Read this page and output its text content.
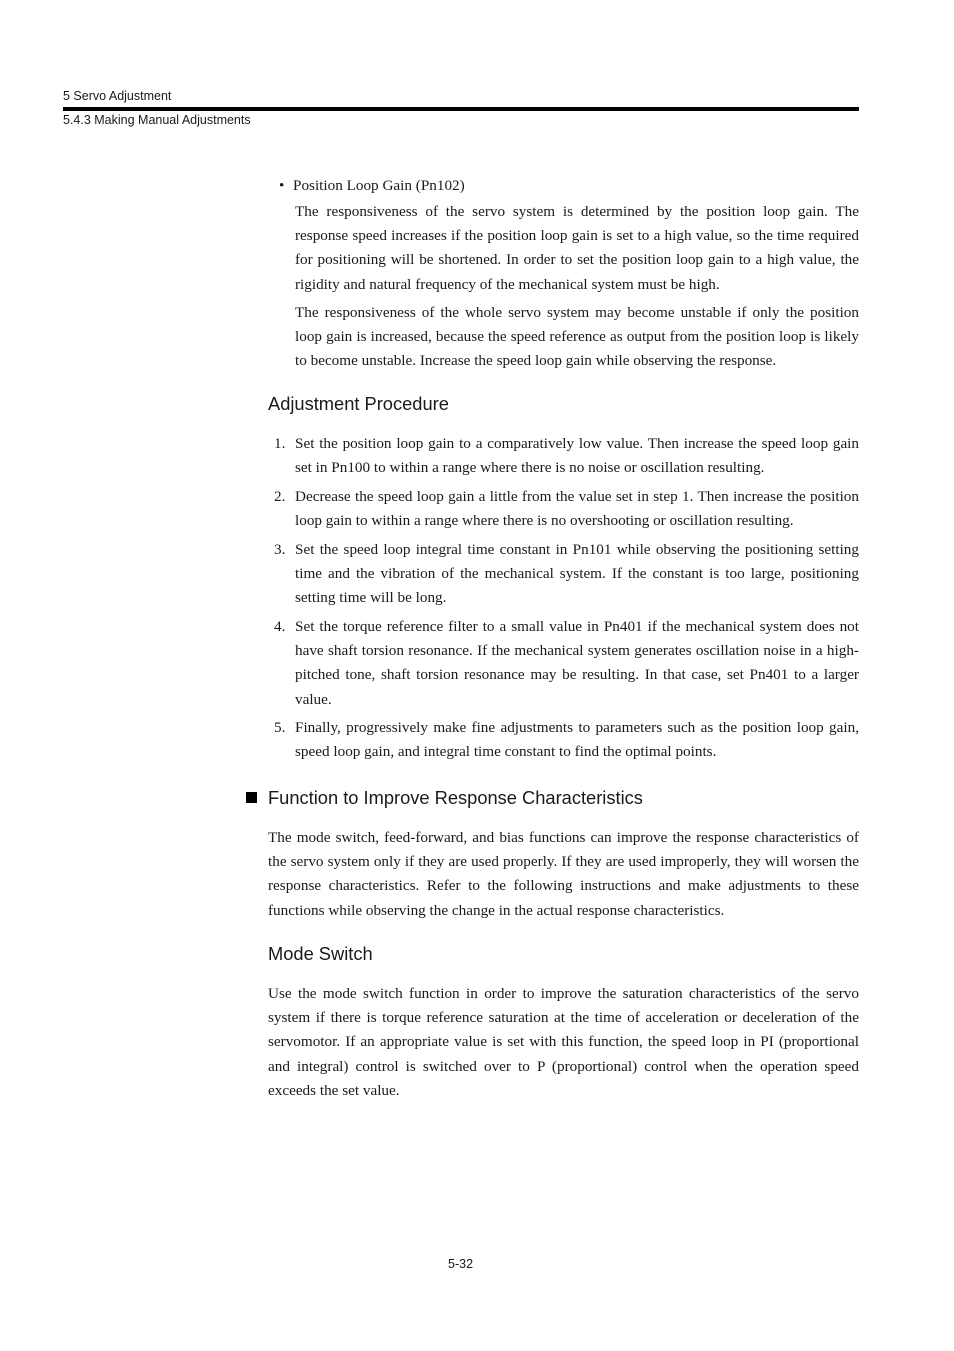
5 Servo Adjustment
5.4.3 Making Manual Adjustments
• Position Loop Gain (Pn102)

The responsiveness of the servo system is determined by the position loop gain. The response speed increases if the position loop gain is set to a high value, so the time required for positioning will be shortened. In order to set the position loop gain to a high value, the rigidity and natural frequency of the mechanical system must be high.

The responsiveness of the whole servo system may become unstable if only the position loop gain is increased, because the speed reference as output from the position loop is likely to become unstable. Increase the speed loop gain while observing the response.

Adjustment Procedure
1. Set the position loop gain to a comparatively low value. Then increase the speed loop gain set in Pn100 to within a range where there is no noise or oscillation resulting.
2. Decrease the speed loop gain a little from the value set in step 1. Then increase the position loop gain to within a range where there is no overshooting or oscillation resulting.
3. Set the speed loop integral time constant in Pn101 while observing the positioning setting time and the vibration of the mechanical system. If the constant is too large, positioning setting time will be long.
4. Set the torque reference filter to a small value in Pn401 if the mechanical system does not have shaft torsion resonance. If the mechanical system generates oscillation noise in a high-pitched tone, shaft torsion resonance may be resulting. In that case, set Pn401 to a larger value.
5. Finally, progressively make fine adjustments to parameters such as the position loop gain, speed loop gain, and integral time constant to find the optimal points.
Function to Improve Response Characteristics

The mode switch, feed-forward, and bias functions can improve the response characteristics of the servo system only if they are used properly. If they are used improperly, they will worsen the response characteristics. Refer to the following instructions and make adjustments to these functions while observing the change in the actual response characteristics.

Mode Switch

Use the mode switch function in order to improve the saturation characteristics of the servo system if there is torque reference saturation at the time of acceleration or deceleration of the servomotor. If an appropriate value is set with this function, the speed loop in PI (proportional and integral) control is switched over to P (proportional) control when the operation speed exceeds the set value.

5-32
